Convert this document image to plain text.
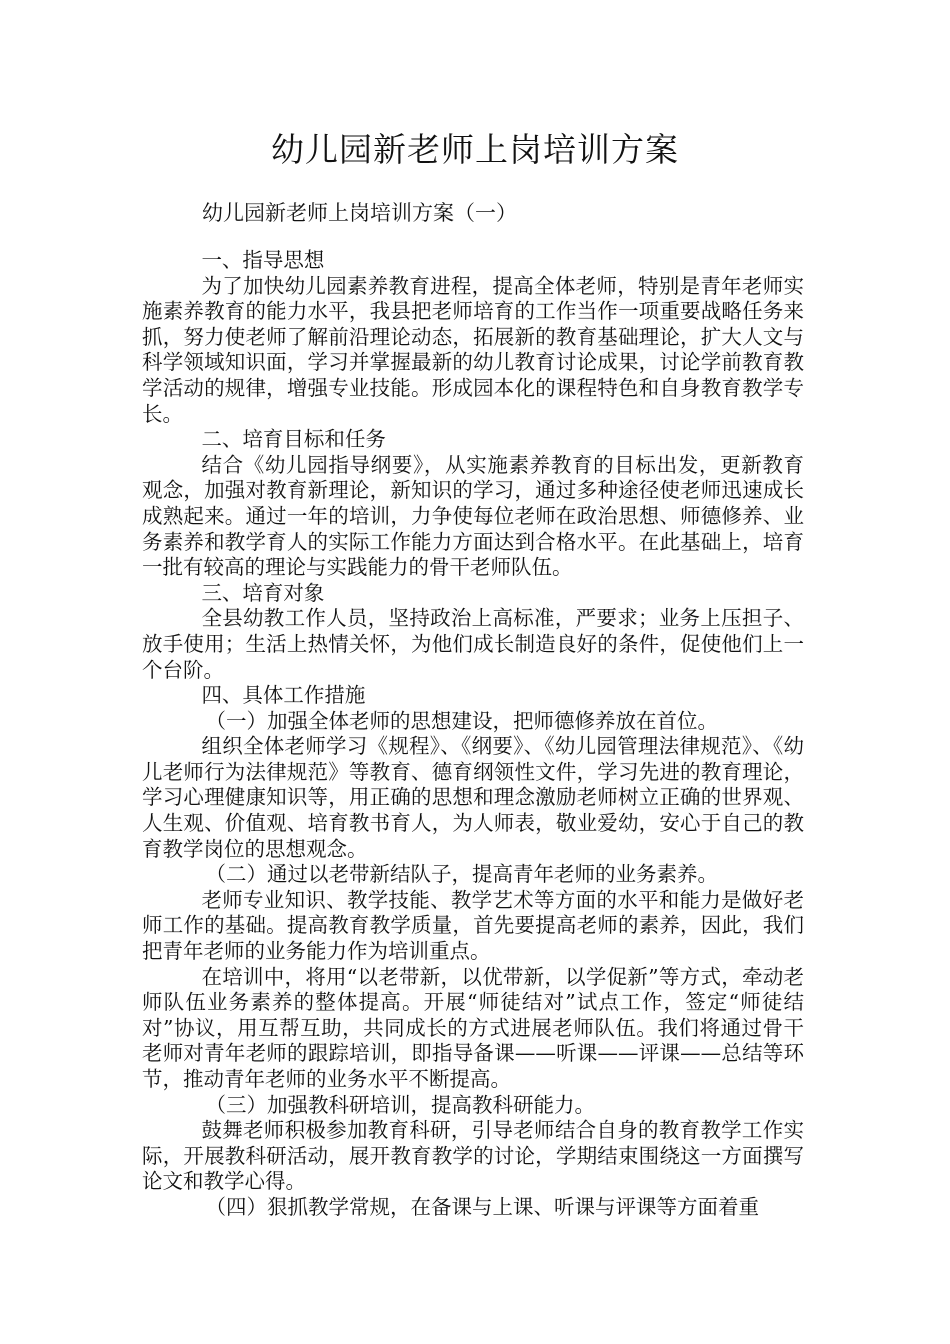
幼儿园新老师上岗培训方案
幼儿园新老师上岗培训方案（一）

一、指导思想

为了加快幼儿园素养教育进程，提高全体老师，特别是青年老师实施素养教育的能力水平，我县把老师培育的工作当作一项重要战略任务来抓，努力使老师了解前沿理论动态，拓展新的教育基础理论，扩大人文与科学领域知识面，学习并掌握最新的幼儿教育讨论成果，讨论学前教育教学活动的规律，增强专业技能。形成园本化的课程特色和自身教育教学专长。

二、培育目标和任务

结合《幼儿园指导纲要》，从实施素养教育的目标出发，更新教育观念，加强对教育新理论，新知识的学习，通过多种途径使老师迅速成长成熟起来。通过一年的培训，力争使每位老师在政治思想、师德修养、业务素养和教学育人的实际工作能力方面达到合格水平。在此基础上，培育一批有较高的理论与实践能力的骨干老师队伍。

三、培育对象

全县幼教工作人员，坚持政治上高标准，严要求；业务上压担子、放手使用；生活上热情关怀，为他们成长制造良好的条件，促使他们上一个台阶。

四、具体工作措施

（一）加强全体老师的思想建设，把师德修养放在首位。

组织全体老师学习《规程》、《纲要》、《幼儿园管理法律规范》、《幼儿老师行为法律规范》等教育、德育纲领性文件，学习先进的教育理论，学习心理健康知识等，用正确的思想和理念激励老师树立正确的世界观、人生观、价值观、培育教书育人，为人师表，敬业爱幼，安心于自己的教育教学岗位的思想观念。

（二）通过以老带新结队子，提高青年老师的业务素养。

老师专业知识、教学技能、教学艺术等方面的水平和能力是做好老师工作的基础。提高教育教学质量，首先要提高老师的素养，因此，我们把青年老师的业务能力作为培训重点。

在培训中，将用“以老带新，以优带新，以学促新”等方式，牵动老师队伍业务素养的整体提高。开展“师徒结对”试点工作，签定“师徒结对”协议，用互帮互助，共同成长的方式进展老师队伍。我们将通过骨干老师对青年老师的跟踪培训，即指导备课——听课——评课——总结等环节，推动青年老师的业务水平不断提高。

（三）加强教科研培训，提高教科研能力。

鼓舞老师积极参加教育科研，引导老师结合自身的教育教学工作实际，开展教科研活动，展开教育教学的讨论，学期结束围绕这一方面撰写论文和教学心得。

（四）狠抓教学常规，在备课与上课、听课与评课等方面着重
